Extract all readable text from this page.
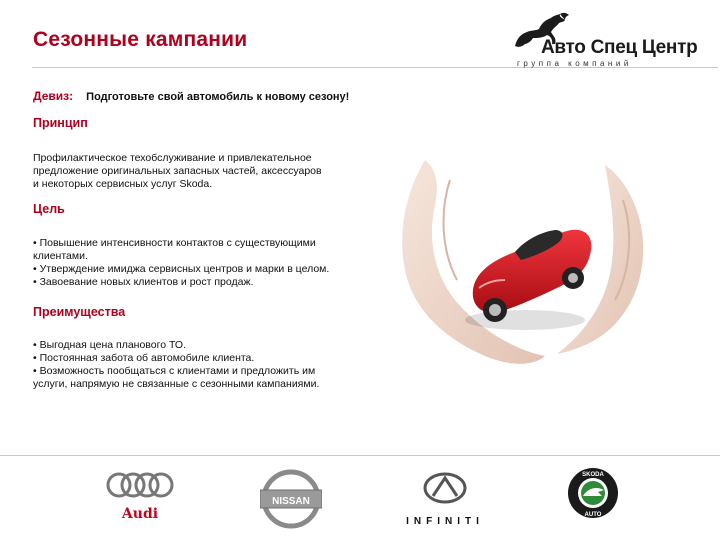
Сезонные кампании	Авто Спец Центр
группа компаний
Девиз: Подготовьте свой автомобиль к новому сезону!
Принцип
Профилактическое техобслуживание и привлекательное
предложение оригинальных запасных частей, аксессуаров
и некоторых сервисных услуг Skoda.
Цель
• Повышение интенсивности контактов с существующими
клиентами.
• Утверждение имиджа сервисных центров и марки в целом.
• Завоевание новых клиентов и рост продаж.
Преимущества
• Выгодная цена планового ТО.
• Постоянная забота об автомобиле клиента.
• Возможность пообщаться с клиентами и предложить им
услуги, напрямую не связанные с сезонными кампаниями.
Audi
NISSAN
INFINITI
SKODA
AUTO
